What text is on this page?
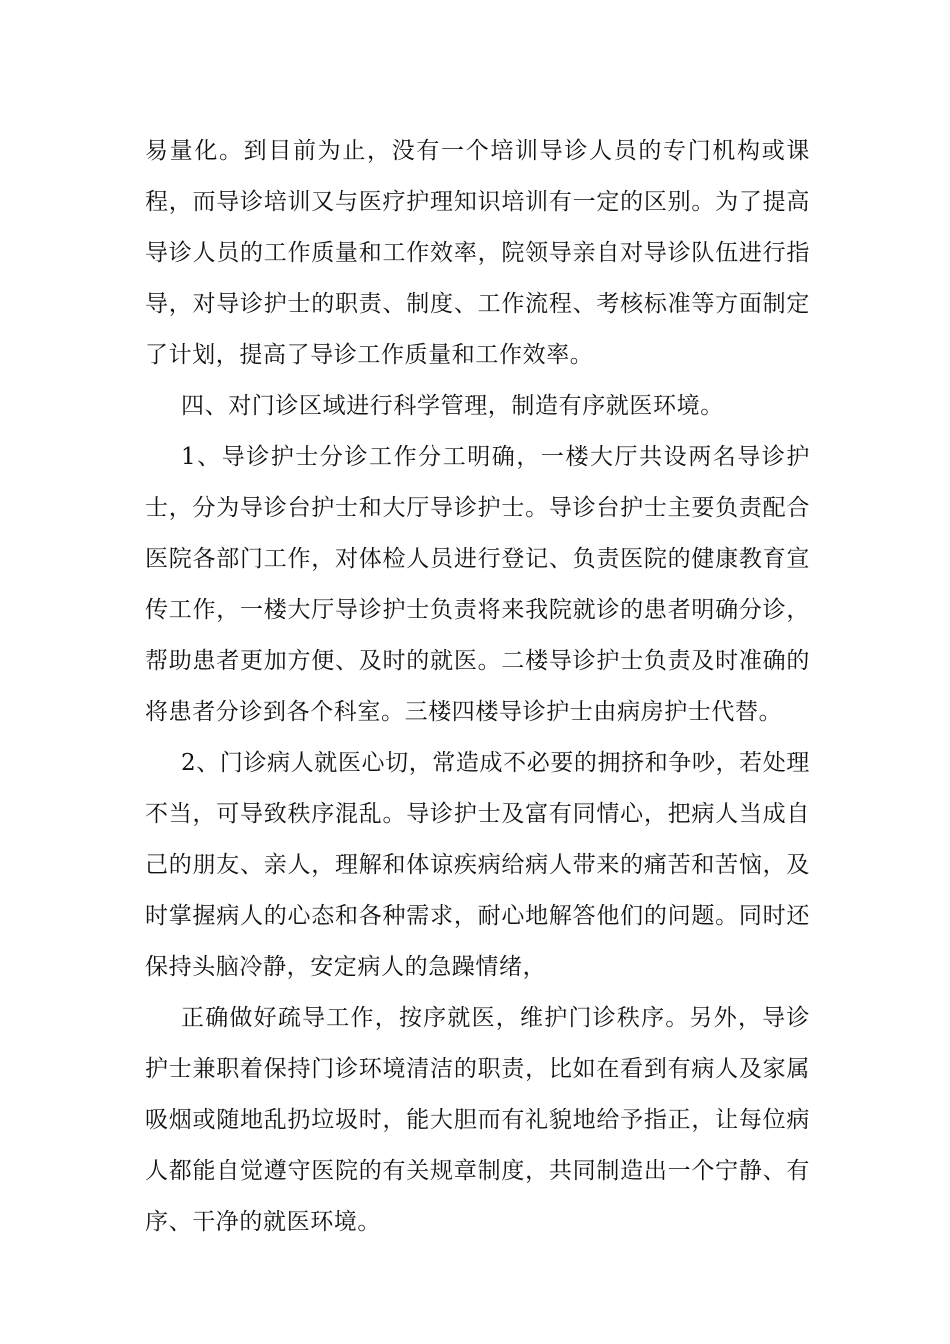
易量化。到目前为止，没有一个培训导诊人员的专门机构或课程，而导诊培训又与医疗护理知识培训有一定的区别。为了提高导诊人员的工作质量和工作效率，院领导亲自对导诊队伍进行指导，对导诊护士的职责、制度、工作流程、考核标准等方面制定了计划，提高了导诊工作质量和工作效率。

四、对门诊区域进行科学管理，制造有序就医环境。

1、导诊护士分诊工作分工明确，一楼大厅共设两名导诊护士，分为导诊台护士和大厅导诊护士。导诊台护士主要负责配合医院各部门工作，对体检人员进行登记、负责医院的健康教育宣传工作，一楼大厅导诊护士负责将来我院就诊的患者明确分诊，帮助患者更加方便、及时的就医。二楼导诊护士负责及时准确的将患者分诊到各个科室。三楼四楼导诊护士由病房护士代替。

2、门诊病人就医心切，常造成不必要的拥挤和争吵，若处理不当，可导致秩序混乱。导诊护士及富有同情心，把病人当成自己的朋友、亲人，理解和体谅疾病给病人带来的痛苦和苦恼，及时掌握病人的心态和各种需求，耐心地解答他们的问题。同时还保持头脑冷静，安定病人的急躁情绪，

正确做好疏导工作，按序就医，维护门诊秩序。另外，导诊护士兼职着保持门诊环境清洁的职责，比如在看到有病人及家属吸烟或随地乱扔垃圾时，能大胆而有礼貌地给予指正，让每位病人都能自觉遵守医院的有关规章制度，共同制造出一个宁静、有序、干净的就医环境。
